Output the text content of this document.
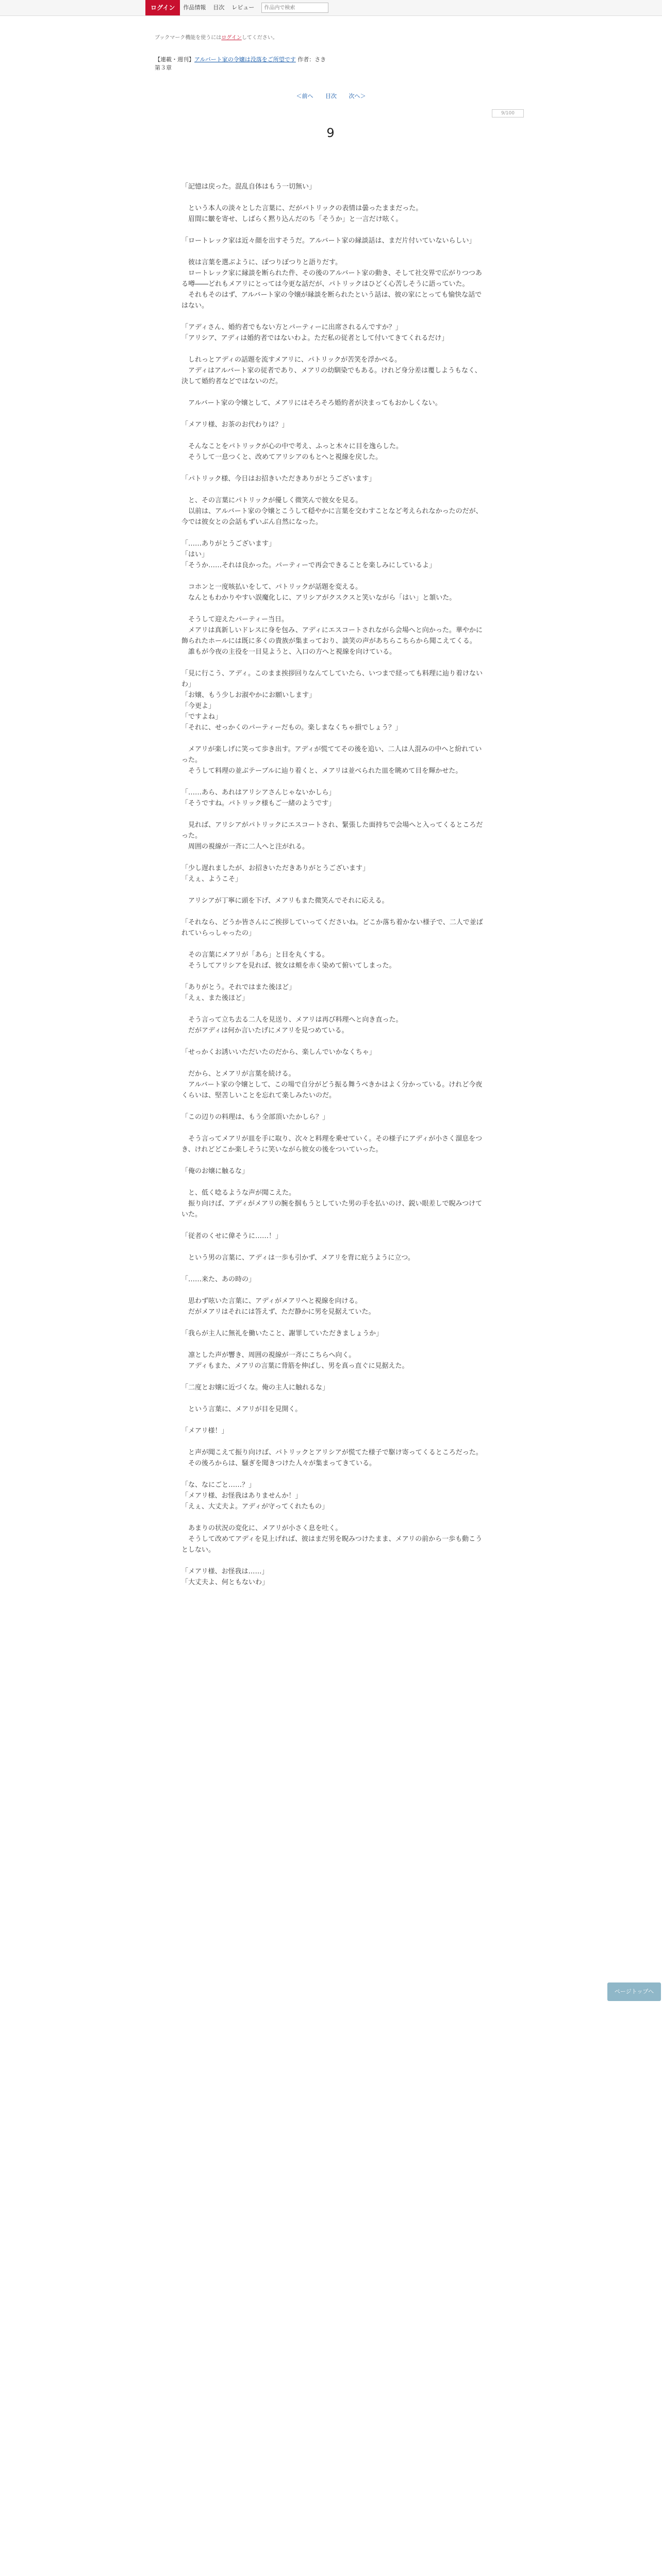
ログイン	作品情報 目次 レビュー
作品内で検索
ブックマーク機能を使うにはログインしてください。
【連載・週刊】アルバート家の令嬢は没落をご所望です 作者：さき
第３章
＜前へ 目次 次へ＞
9/100
9

「記憶は戻った。混乱自体はもう一切無い」

　という本人の淡々とした言葉に、だがパトリックの表情は曇ったままだった。
　眉間に皺を寄せ、しばらく黙り込んだのち「そうか」と一言だけ呟く。

「ロートレック家は近々顔を出すそうだ。アルバート家の縁談話は、まだ片付いていないらしい」

　彼は言葉を選ぶように、ぽつりぽつりと語りだす。
　ロートレック家に縁談を断られた件、その後のアルバート家の動き、そして社交界で広がりつつある噂――どれもメアリにとっては今更な話だが、パトリックはひどく心苦しそうに語っていた。
　それもそのはず、アルバート家の令嬢が縁談を断られたという話は、彼の家にとっても愉快な話ではない。

「アディさん、婚約者でもない方とパーティーに出席されるんですか？」
「アリシア、アディは婚約者ではないわよ。ただ私の従者として付いてきてくれるだけ」

　しれっとアディの話題を流すメアリに、パトリックが苦笑を浮かべる。
　アディはアルバート家の従者であり、メアリの幼馴染でもある。けれど身分差は覆しようもなく、決して婚約者などではないのだ。

　アルバート家の令嬢として、メアリにはそろそろ婚約者が決まってもおかしくない。

「メアリ様、お茶のお代わりは？」

　そんなことをパトリックが心の中で考え、ふっと木々に目を逸らした。
　そうして一息つくと、改めてアリシアのもとへと視線を戻した。

「パトリック様、今日はお招きいただきありがとうございます」

　と、その言葉にパトリックが優しく微笑んで彼女を見る。
　以前は、アルバート家の令嬢とこうして穏やかに言葉を交わすことなど考えられなかったのだが、今では彼女との会話もずいぶん自然になった。

「……ありがとうございます」
「はい」
「そうか……それは良かった。パーティーで再会できることを楽しみにしているよ」

　コホンと一度咳払いをして、パトリックが話題を変える。
　なんともわかりやすい誤魔化しに、アリシアがクスクスと笑いながら「はい」と頷いた。

　そうして迎えたパーティー当日。
　メアリは真新しいドレスに身を包み、アディにエスコートされながら会場へと向かった。華やかに飾られたホールには既に多くの貴族が集まっており、談笑の声があちらこちらから聞こえてくる。
　誰もが今夜の主役を一目見ようと、入口の方へと視線を向けている。

「見に行こう、アディ。このまま挨拶回りなんてしていたら、いつまで経っても料理に辿り着けないわ」
「お嬢、もう少しお淑やかにお願いします」
「今更よ」
「ですよね」
「それに、せっかくのパーティーだもの。楽しまなくちゃ損でしょう？」

　メアリが楽しげに笑って歩き出す。アディが慌ててその後を追い、二人は人混みの中へと紛れていった。
　そうして料理の並ぶテーブルに辿り着くと、メアリは並べられた皿を眺めて目を輝かせた。

「……あら、あれはアリシアさんじゃないかしら」
「そうですね。パトリック様もご一緒のようです」

　見れば、アリシアがパトリックにエスコートされ、緊張した面持ちで会場へと入ってくるところだった。
　周囲の視線が一斉に二人へと注がれる。

「少し遅れましたが、お招きいただきありがとうございます」
「えぇ、ようこそ」

　アリシアが丁寧に頭を下げ、メアリもまた微笑んでそれに応える。

「それなら、どうか皆さんにご挨拶していってくださいね。どこか落ち着かない様子で、二人で並ばれていらっしゃったの」

　その言葉にメアリが「あら」と目を丸くする。
　そうしてアリシアを見れば、彼女は頬を赤く染めて俯いてしまった。

「ありがとう。それではまた後ほど」
「えぇ、また後ほど」

　そう言って立ち去る二人を見送り、メアリは再び料理へと向き直った。
　だがアディは何か言いたげにメアリを見つめている。

「せっかくお誘いいただいたのだから、楽しんでいかなくちゃ」

　だから、とメアリが言葉を続ける。
　アルバート家の令嬢として、この場で自分がどう振る舞うべきかはよく分かっている。けれど今夜くらいは、堅苦しいことを忘れて楽しみたいのだ。

「この辺りの料理は、もう全部頂いたかしら？」

　そう言ってメアリが皿を手に取り、次々と料理を乗せていく。その様子にアディが小さく溜息をつき、けれどどこか楽しそうに笑いながら彼女の後をついていった。

「俺のお嬢に触るな」

　と、低く唸るような声が聞こえた。
　振り向けば、アディがメアリの腕を掴もうとしていた男の手を払いのけ、鋭い眼差しで睨みつけていた。

「従者のくせに偉そうに……！」

　という男の言葉に、アディは一歩も引かず、メアリを背に庇うように立つ。

「……来た、あの時の」

　思わず呟いた言葉に、アディがメアリへと視線を向ける。
　だがメアリはそれには答えず、ただ静かに男を見据えていた。

「我らが主人に無礼を働いたこと、謝罪していただきましょうか」

　凛とした声が響き、周囲の視線が一斉にこちらへ向く。
　アディもまた、メアリの言葉に背筋を伸ばし、男を真っ直ぐに見据えた。

「二度とお嬢に近づくな。俺の主人に触れるな」

　という言葉に、メアリが目を見開く。

「メアリ様！」

　と声が聞こえて振り向けば、パトリックとアリシアが慌てた様子で駆け寄ってくるところだった。
　その後ろからは、騒ぎを聞きつけた人々が集まってきている。

「な、なにごと……？」
「メアリ様、お怪我はありませんか！」
「えぇ、大丈夫よ。アディが守ってくれたもの」

　あまりの状況の変化に、メアリが小さく息を吐く。
　そうして改めてアディを見上げれば、彼はまだ男を睨みつけたまま、メアリの前から一歩も動こうとしない。

「メアリ様、お怪我は……」
「大丈夫よ、何ともないわ」

ページトップへ
